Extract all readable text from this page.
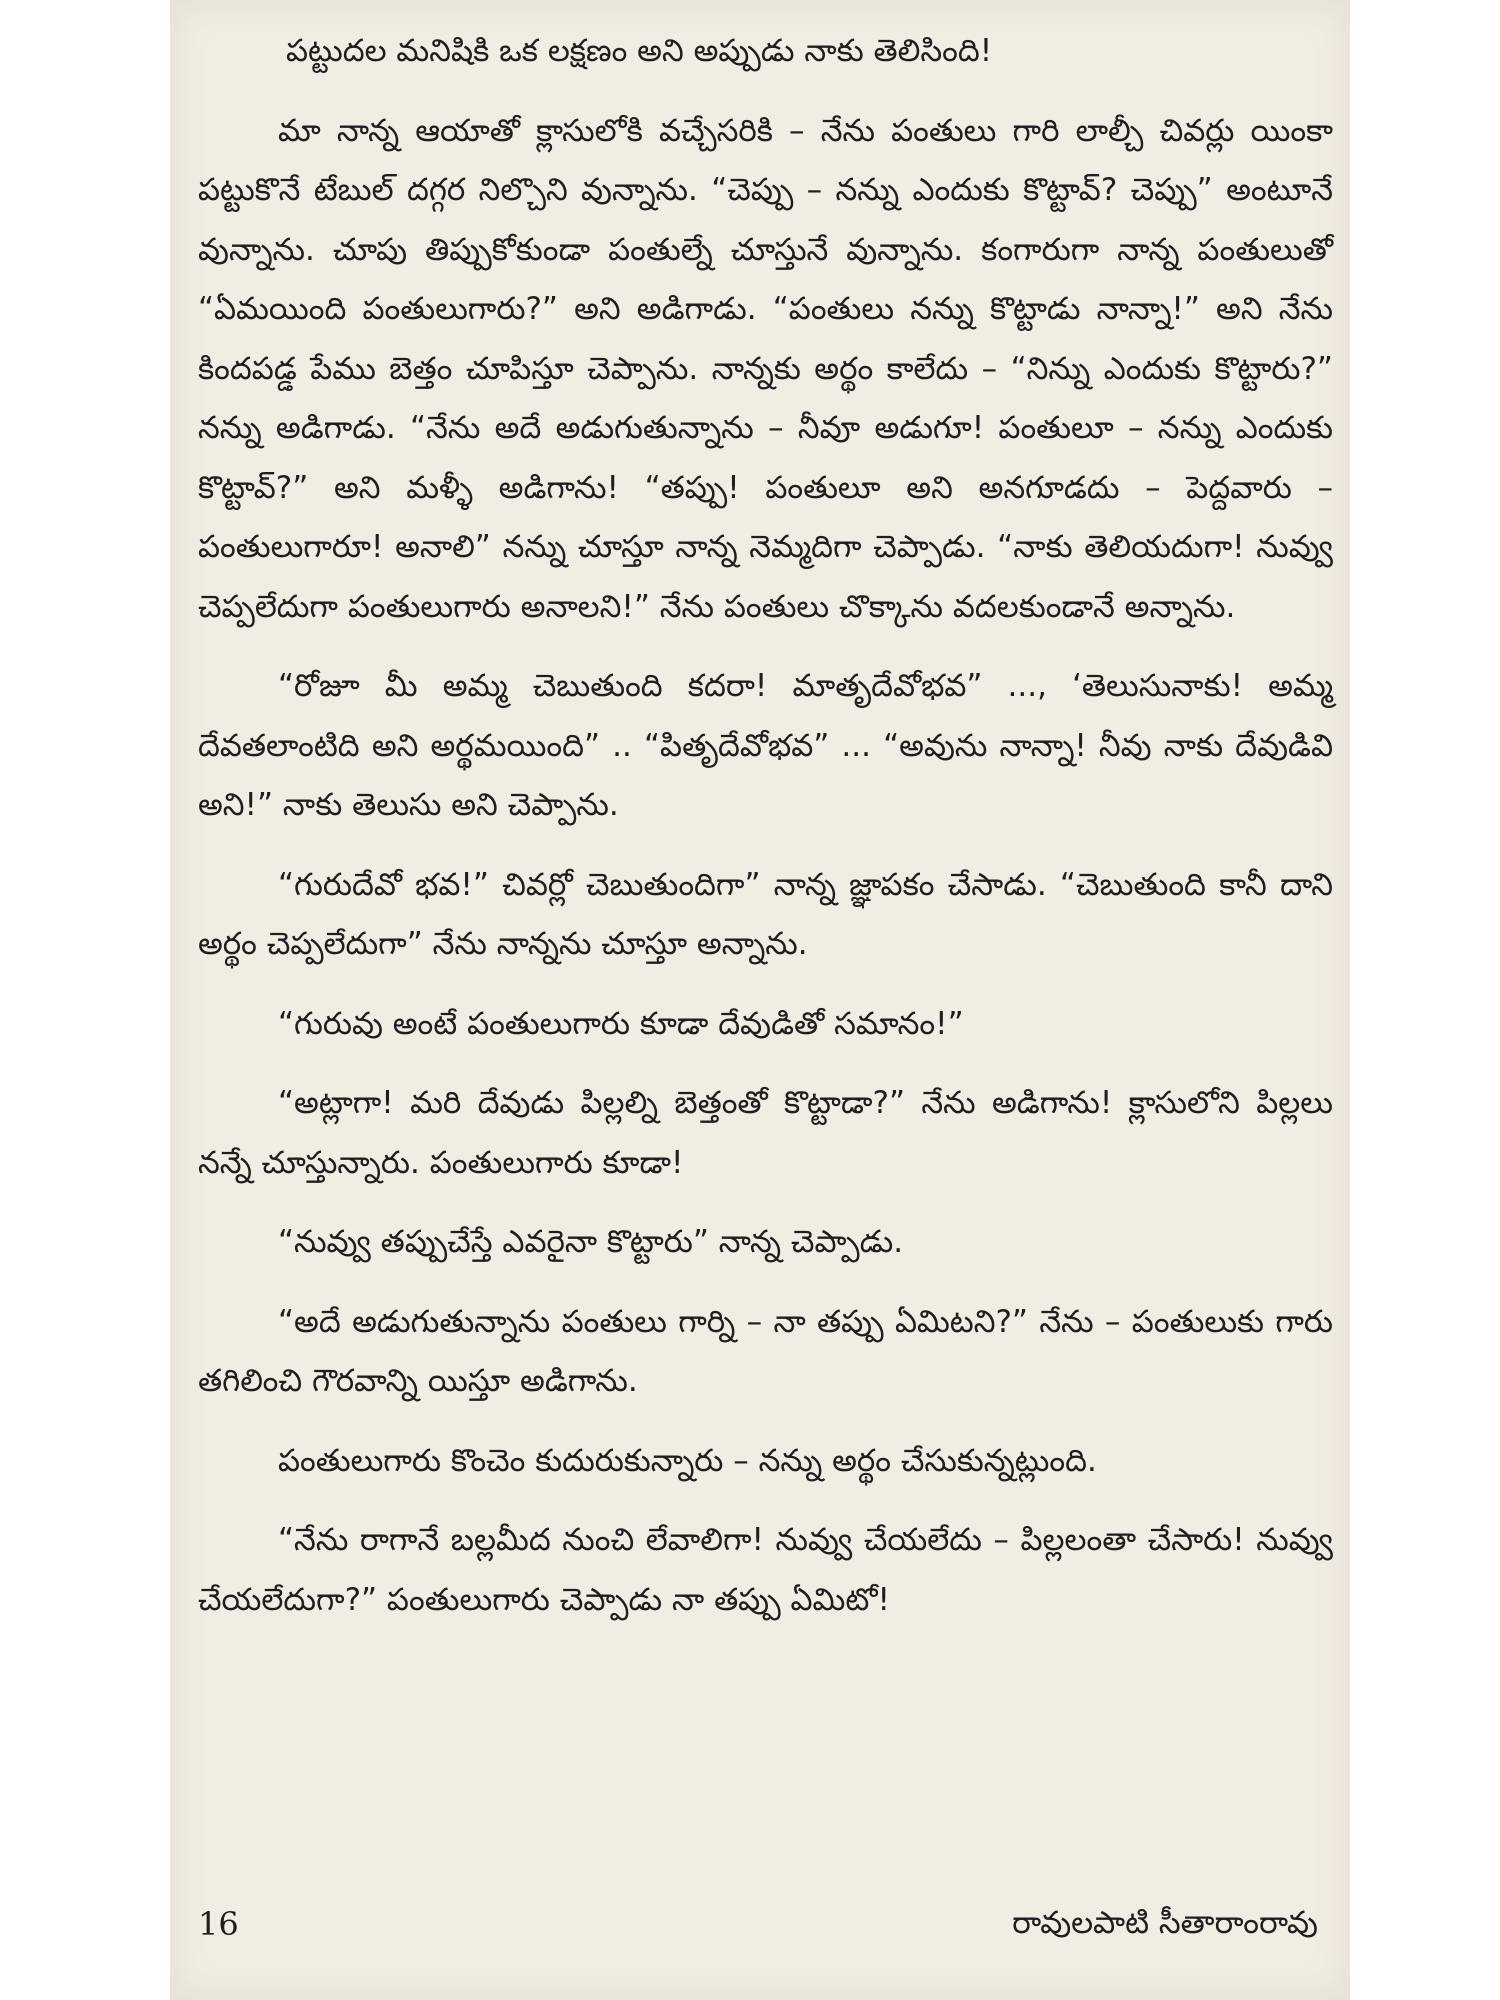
పట్టుదల మనిషికి ఒక లక్షణం అని అప్పుడు నాకు తెలిసింది!

మా నాన్న ఆయాతో క్లాసులోకి వచ్చేసరికి – నేను పంతులు గారి లాల్చీ చివర్లు యింకా పట్టుకొనే టేబుల్ దగ్గర నిల్చొని వున్నాను. “చెప్పు – నన్ను ఎందుకు కొట్టావ్? చెప్పు” అంటూనే వున్నాను. చూపు తిప్పుకోకుండా పంతుల్నే చూస్తునే వున్నాను. కంగారుగా నాన్న పంతులుతో “ఏమయింది పంతులుగారు?” అని అడిగాడు. “పంతులు నన్ను కొట్టాడు నాన్నా!” అని నేను కిందపడ్డ పేము బెత్తం చూపిస్తూ చెప్పాను. నాన్నకు అర్థం కాలేదు – “నిన్ను ఎందుకు కొట్టారు?” నన్ను అడిగాడు. “నేను అదే అడుగుతున్నాను – నీవూ అడుగూ! పంతులూ – నన్ను ఎందుకు కొట్టావ్?” అని మళ్ళీ అడిగాను! “తప్పు! పంతులూ అని అనగూడదు – పెద్దవారు – పంతులుగారూ! అనాలి” నన్ను చూస్తూ నాన్న నెమ్మదిగా చెప్పాడు. “నాకు తెలియదుగా! నువ్వు చెప్పలేదుగా పంతులుగారు అనాలని!” నేను పంతులు చొక్కాను వదలకుండానే అన్నాను.

“రోజూ మీ అమ్మ చెబుతుంది కదరా! మాతృదేవోభవ” ..., ‘తెలుసునాకు! అమ్మ దేవతలాంటిది అని అర్థమయింది” .. “పితృదేవోభవ” ... “అవును నాన్నా! నీవు నాకు దేవుడివి అని!” నాకు తెలుసు అని చెప్పాను.

“గురుదేవో భవ!” చివర్లో చెబుతుందిగా” నాన్న జ్ఞాపకం చేసాడు. “చెబుతుంది కానీ దాని అర్థం చెప్పలేదుగా” నేను నాన్నను చూస్తూ అన్నాను.

“గురువు అంటే పంతులుగారు కూడా దేవుడితో సమానం!”

“అట్లాగా! మరి దేవుడు పిల్లల్ని బెత్తంతో కొట్టాడా?” నేను అడిగాను! క్లాసులోని పిల్లలు నన్నే చూస్తున్నారు. పంతులుగారు కూడా!

“నువ్వు తప్పుచేస్తే ఎవరైనా కొట్టారు” నాన్న చెప్పాడు.

“అదే అడుగుతున్నాను పంతులు గార్ని – నా తప్పు ఏమిటని?” నేను – పంతులుకు గారు తగిలించి గౌరవాన్ని యిస్తూ అడిగాను.

పంతులుగారు కొంచెం కుదురుకున్నారు – నన్ను అర్థం చేసుకున్నట్లుంది.

“నేను రాగానే బల్లమీద నుంచి లేవాలిగా! నువ్వు చేయలేదు – పిల్లలంతా చేసారు! నువ్వు చేయలేదుగా?” పంతులుగారు చెప్పాడు నా తప్పు ఏమిటో!

16	రావులపాటి సీతారాంరావు
